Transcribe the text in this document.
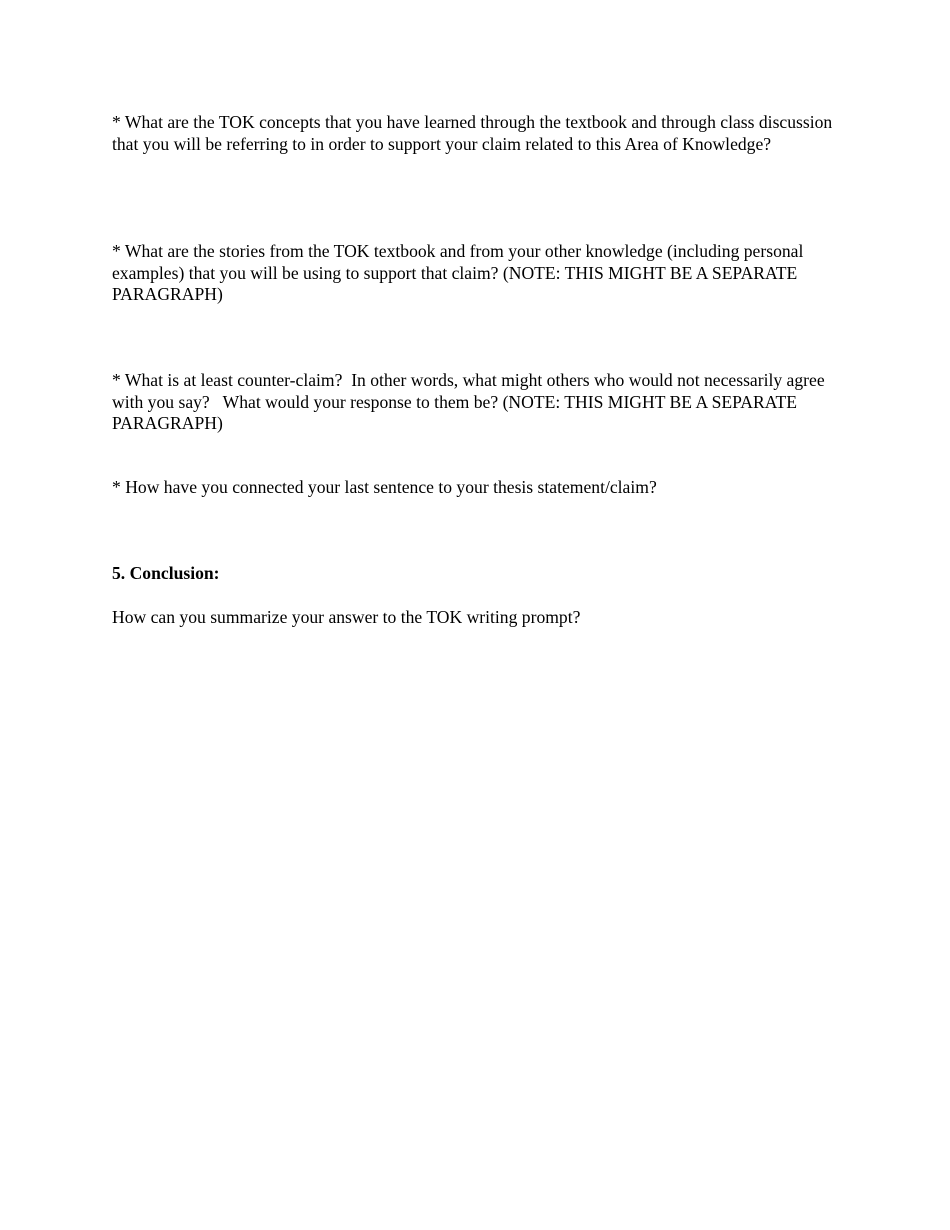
* What are the TOK concepts that you have learned through the textbook and through class discussion that you will be referring to in order to support your claim related to this Area of Knowledge?

* What are the stories from the TOK textbook and from your other knowledge (including personal examples) that you will be using to support that claim? (NOTE: THIS MIGHT BE A SEPARATE PARAGRAPH)

* What is at least counter-claim?  In other words, what might others who would not necessarily agree with you say?   What would your response to them be? (NOTE: THIS MIGHT BE A SEPARATE PARAGRAPH)

* How have you connected your last sentence to your thesis statement/claim?

5. Conclusion:

How can you summarize your answer to the TOK writing prompt?
